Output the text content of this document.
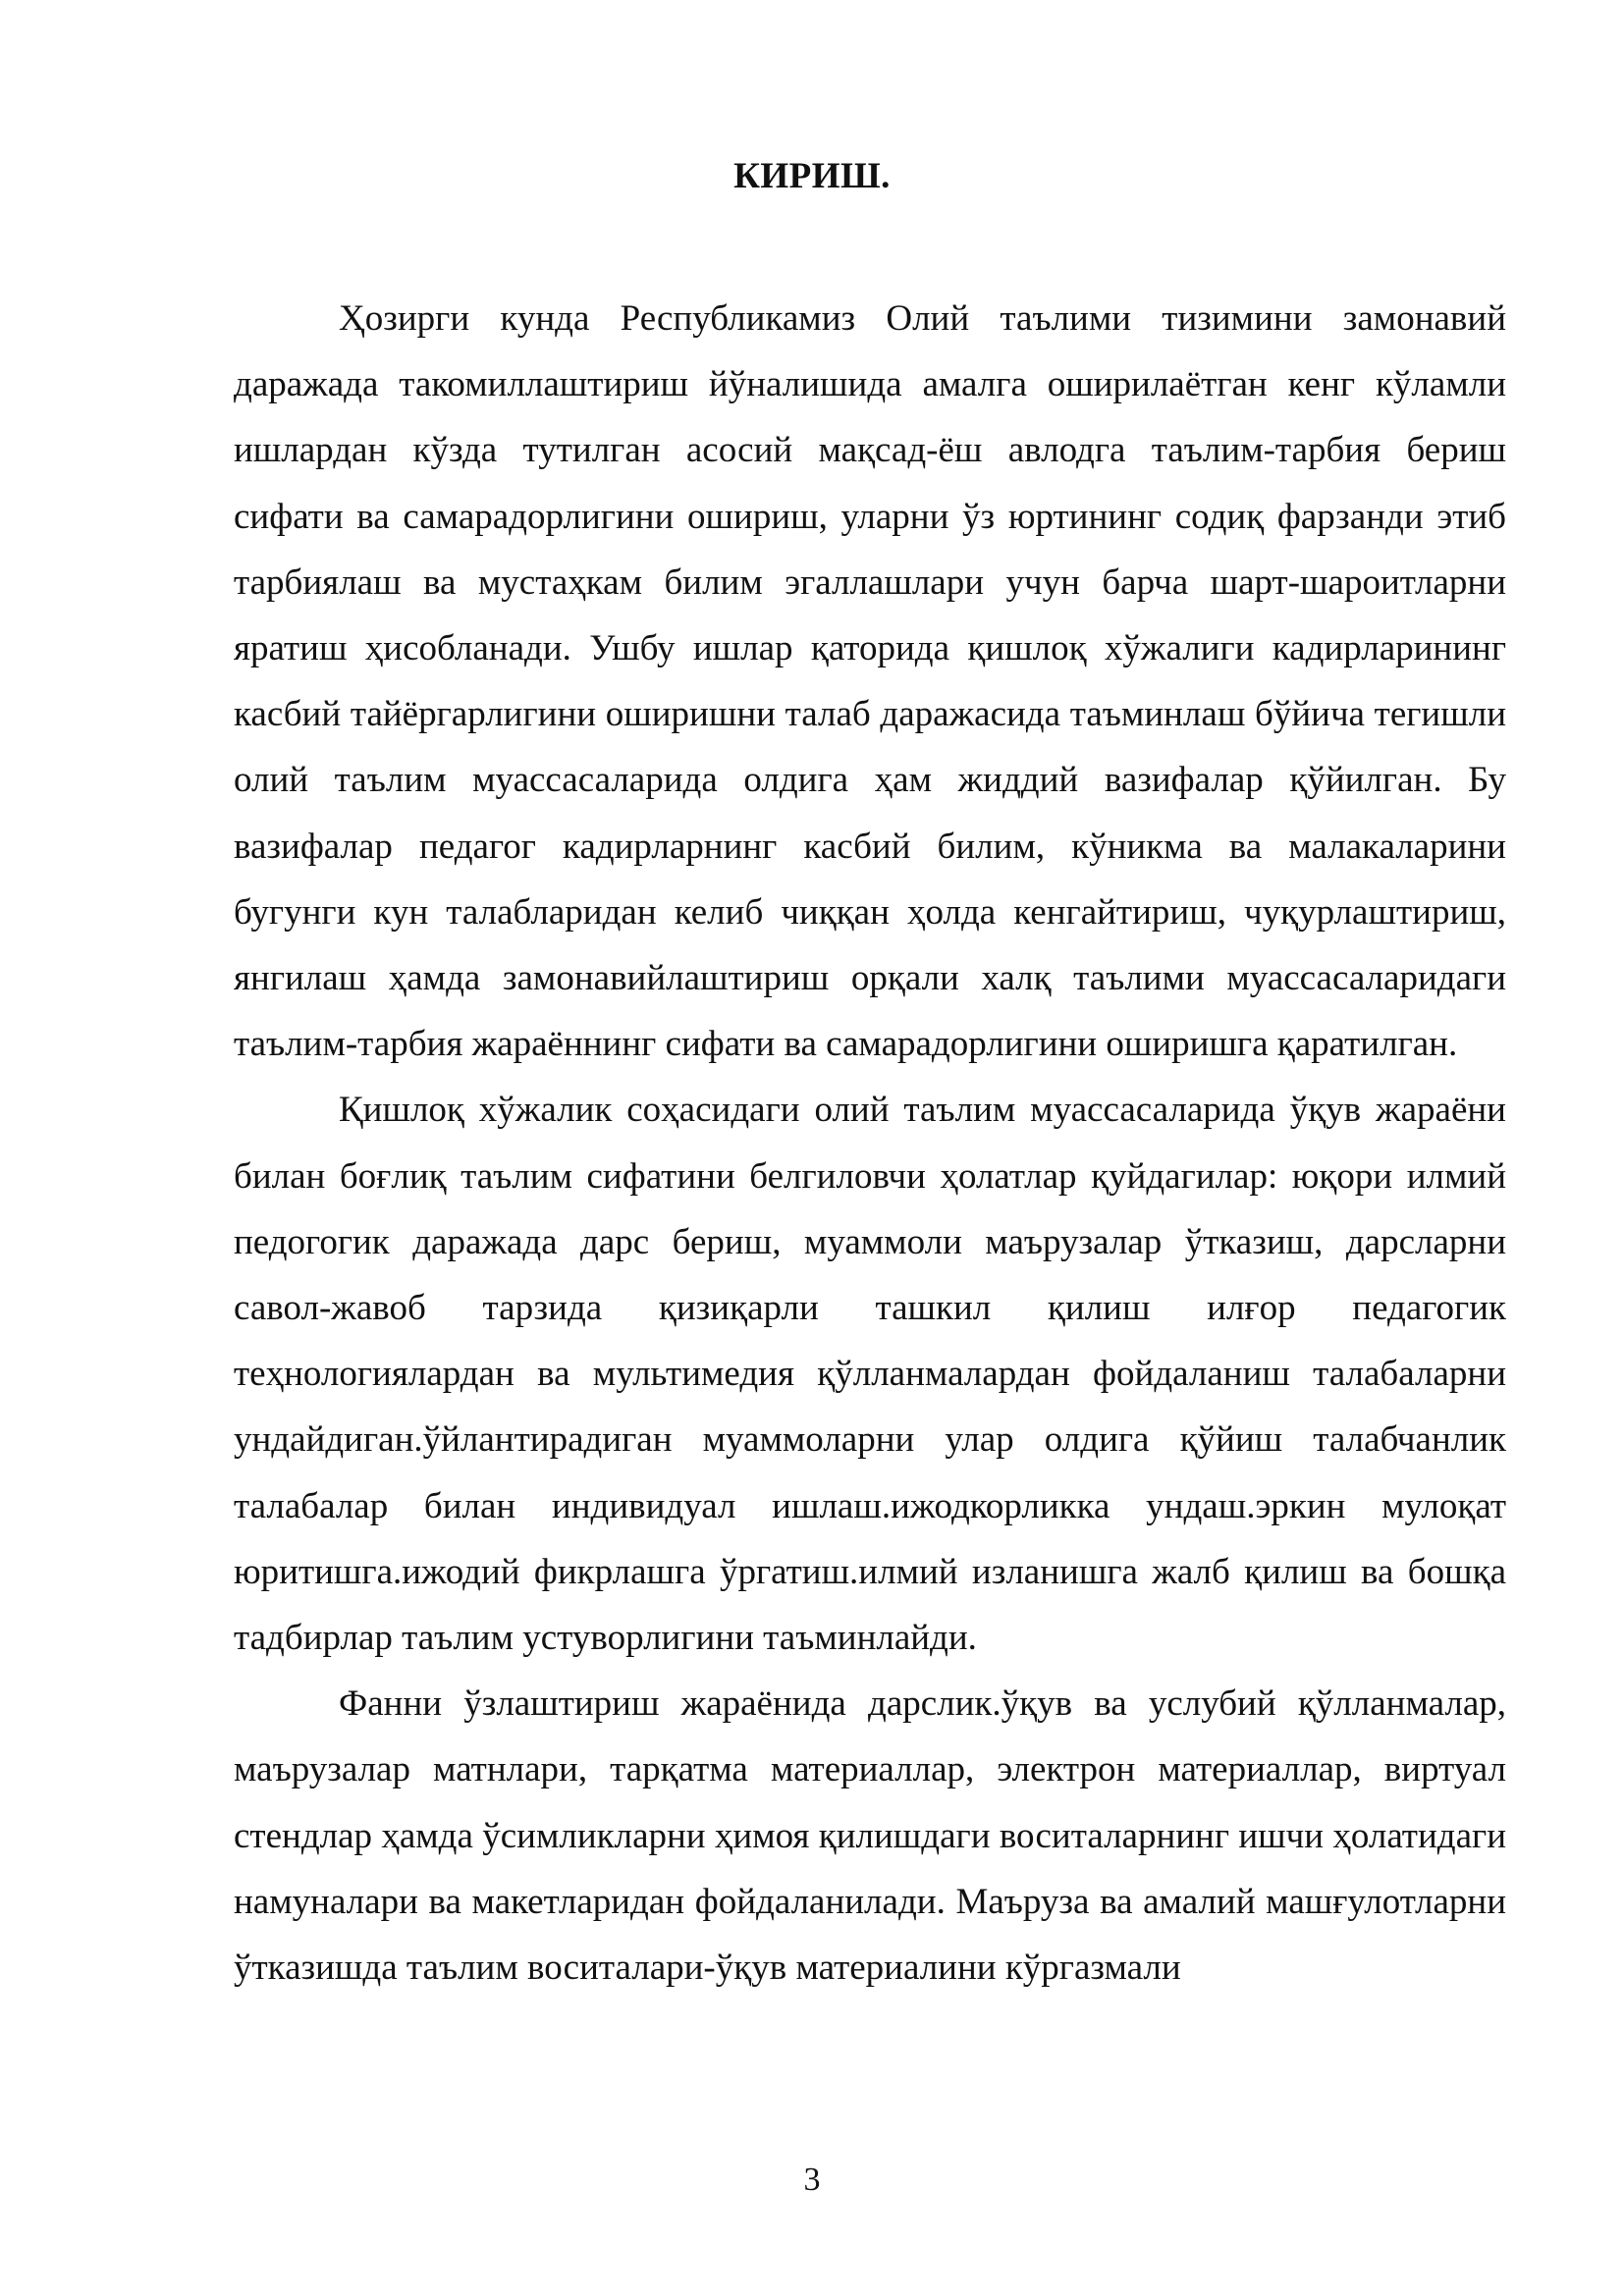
КИРИШ.

Ҳозирги кунда Республикамиз Олий таълими тизимини замонавий даражада такомиллаштириш йўналишида амалга оширилаётган кенг кўламли ишлардан кўзда тутилган асосий мақсад-ёш авлодга таълим-тарбия бериш сифати ва самарадорлигини ошириш, уларни ўз юртининг содиқ фарзанди этиб тарбиялаш ва мустаҳкам билим эгаллашлари учун барча шарт-шароитларни яратиш ҳисобланади. Ушбу ишлар қаторида қишлоқ хўжалиги кадирларининг касбий тайёргарлигини оширишни талаб даражасида таъминлаш бўйича тегишли олий таълим муассасаларида олдига ҳам жиддий вазифалар қўйилган. Бу вазифалар педагог кадирларнинг касбий билим, кўникма ва малакаларини бугунги кун талабларидан келиб чиққан ҳолда кенгайтириш, чуқурлаштириш, янгилаш ҳамда замонавийлаштириш орқали халқ таълими муассасаларидаги таълим-тарбия жараённинг сифати ва самарадорлигини оширишга қаратилган.

Қишлоқ хўжалик соҳасидаги олий таълим муассасаларида ўқув жараёни билан боғлиқ таълим сифатини белгиловчи ҳолатлар қуйдагилар: юқори илмий педогогик даражада дарс бериш, муаммоли маърузалар ўтказиш, дарсларни савол-жавоб тарзида қизиқарли ташкил қилиш илғор педагогик теҳнологиялардан ва мультимедия қўлланмалардан фойдаланиш талабаларни ундайдиган.ўйлантирадиган муаммоларни улар олдига қўйиш талабчанлик талабалар билан индивидуал ишлаш.ижодкорликка ундаш.эркин мулоқат юритишга.ижодий фикрлашга ўргатиш.илмий изланишга жалб қилиш ва бошқа тадбирлар таълим устуворлигини таъминлайди.

Фанни ўзлаштириш жараёнида дарслик.ўқув ва услубий қўлланмалар, маърузалар матнлари, тарқатма материаллар, электрон материаллар, виртуал стендлар ҳамда ўсимликларни ҳимоя қилишдаги воситаларнинг ишчи ҳолатидаги намуналари ва макетларидан фойдаланилади. Маъруза ва амалий машғулотларни ўтказишда таълим воситалари-ўқув материалини кўргазмали

3
